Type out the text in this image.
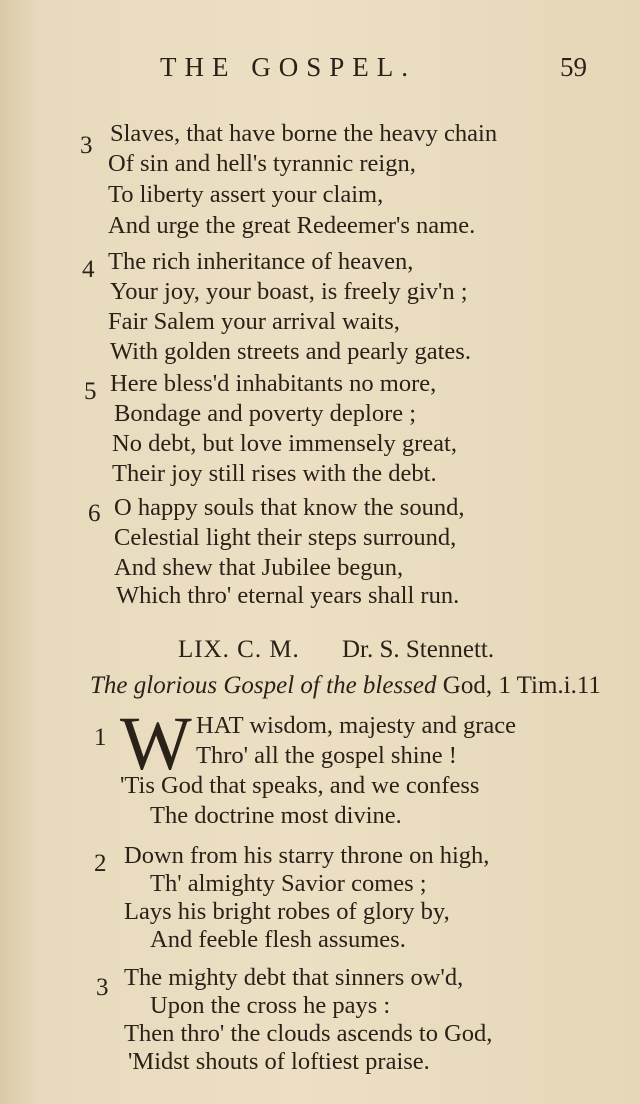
THE GOSPEL.	59
3 Slaves, that have borne the heavy chain
Of sin and hell's tyrannic reign,
To liberty assert your claim,
And urge the great Redeemer's name.
4 The rich inheritance of heaven,
Your joy, your boast, is freely giv'n ;
Fair Salem your arrival waits,
With golden streets and pearly gates.
5 Here bless'd inhabitants no more,
Bondage and poverty deplore ;
No debt, but love immensely great,
Their joy still rises with the debt.
6 O happy souls that know the sound,
Celestial light their steps surround,
And shew that Jubilee begun,
Which thro' eternal years shall run.
LIX. C. M. Dr. S. Stennett.
The glorious Gospel of the blessed God, 1 Tim.i.11
1 W HAT wisdom, majesty and grace
Thro' all the gospel shine !
'Tis God that speaks, and we confess
The doctrine most divine.
2 Down from his starry throne on high,
Th' almighty Savior comes ;
Lays his bright robes of glory by,
And feeble flesh assumes.
3 The mighty debt that sinners ow'd,
Upon the cross he pays :
Then thro' the clouds ascends to God,
'Midst shouts of loftiest praise.
